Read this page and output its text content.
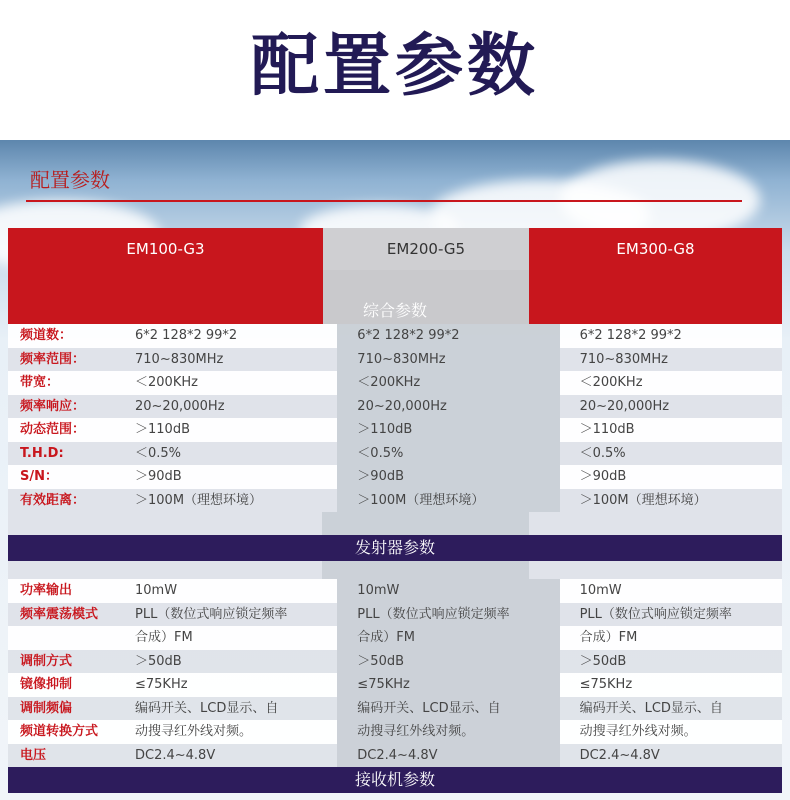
配置参数
配置参数
EM100-G3	EM200-G5	EM300-G8
综合参数
频道数：	6*2 128*2 99*2	6*2 128*2 99*2	6*2 128*2 99*2
频率范围：	710~830MHz	710~830MHz	710~830MHz
带宽：	＜200KHz	＜200KHz	＜200KHz
频率响应：	20~20,000Hz	20~20,000Hz	20~20,000Hz
动态范围：	＞110dB	＞110dB	＞110dB
T.H.D:	＜0.5%	＜0.5%	＜0.5%
S/N：	＞90dB	＞90dB	＞90dB
有效距离：	＞100M（理想环境）	＞100M（理想环境）	＞100M（理想环境）
发射器参数
功率输出	10mW	10mW	10mW
频率震荡模式	PLL（数位式响应锁定频率	PLL（数位式响应锁定频率	PLL（数位式响应锁定频率
合成）FM	合成）FM	合成）FM
调制方式	＞50dB	＞50dB	＞50dB
镜像抑制	≤75KHz	≤75KHz	≤75KHz
调制频偏	编码开关、LCD显示、自	编码开关、LCD显示、自	编码开关、LCD显示、自
频道转换方式	动搜寻红外线对频。	动搜寻红外线对频。	动搜寻红外线对频。
电压	DC2.4~4.8V	DC2.4~4.8V	DC2.4~4.8V
接收机参数
